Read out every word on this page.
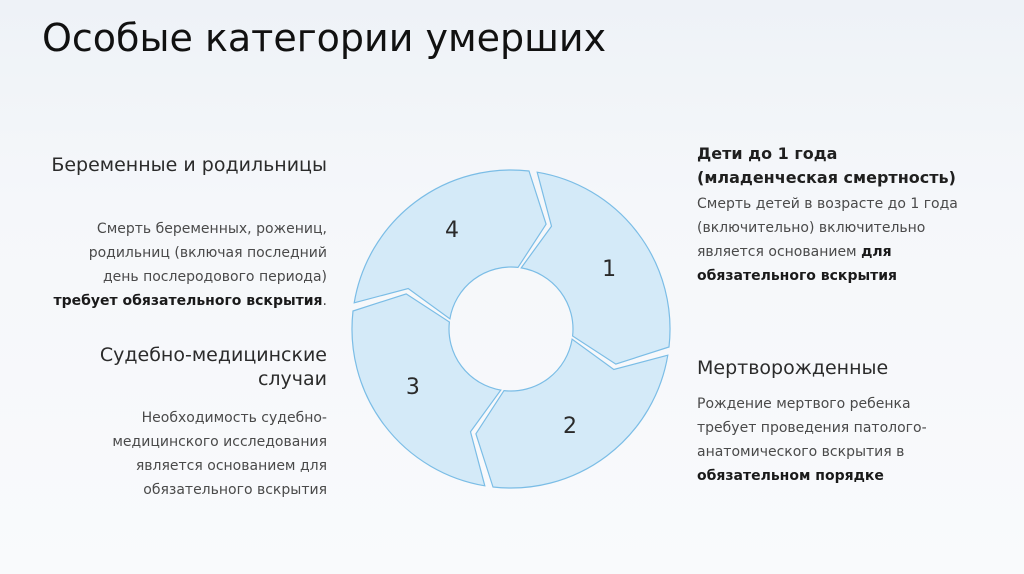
Особые категории умерших
Беременные и родильницы

Смерть беременных, рожениц,
родильниц (включая последний
день послеродового периода)
требует обязательного вскрытия.

Судебно-медицинские
случаи

Необходимость судебно-
медицинского исследования
является основанием для
обязательного вскрытия

Дети до 1 года
(младенческая смертность)

Смерть детей в возрасте до 1 года
(включительно) включительно
является основанием для
обязательного вскрытия

Мертворожденные

Рождение мертвого ребенка
требует проведения патолого-
анатомического вскрытия в
обязательном порядке

1
2
3
4
